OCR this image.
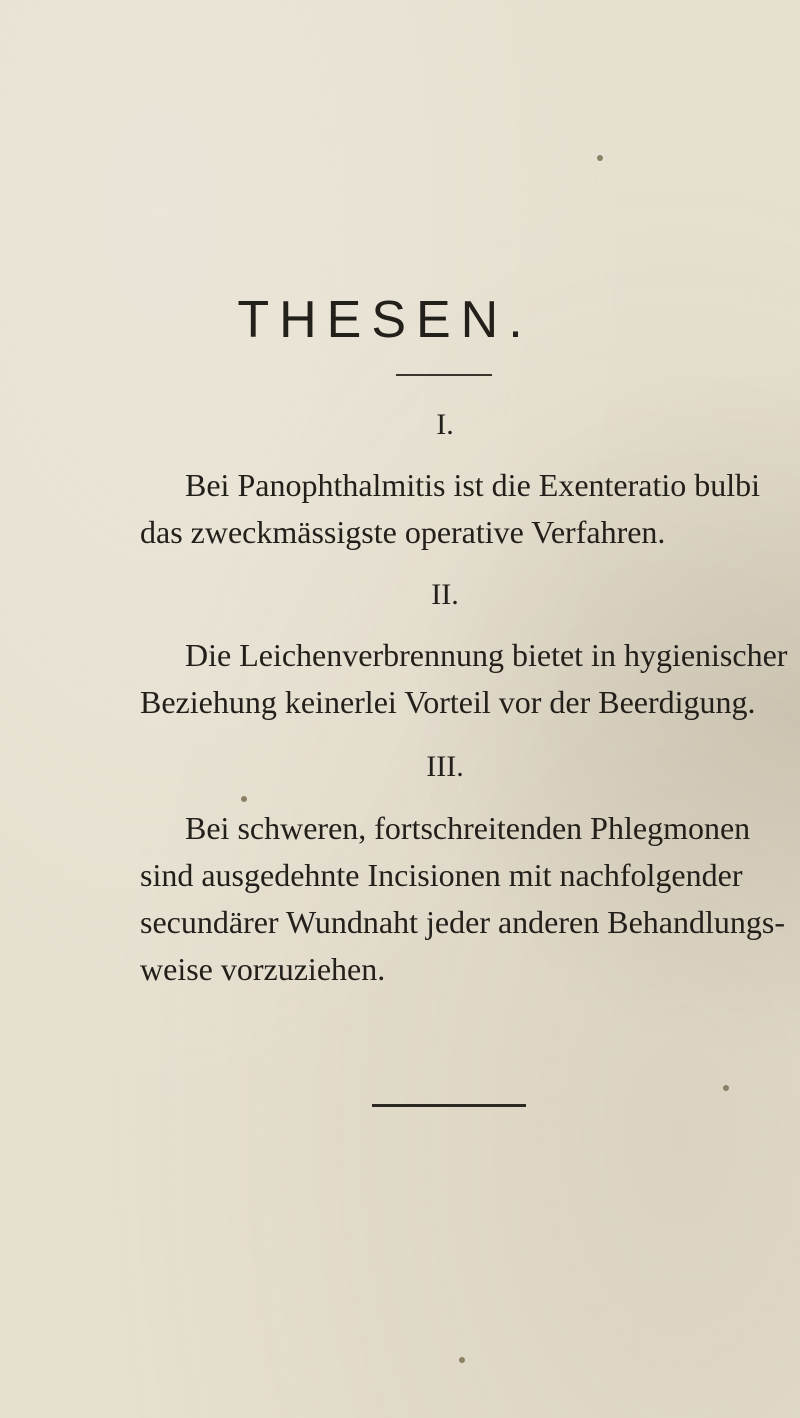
THESEN.
I.

Bei Panophthalmitis ist die Exenteratio bulbi
das zweckmässigste operative Verfahren.

II.

Die Leichenverbrennung bietet in hygienischer
Beziehung keinerlei Vorteil vor der Beerdigung.

III.

Bei schweren, fortschreitenden Phlegmonen
sind ausgedehnte Incisionen mit nachfolgender
secundärer Wundnaht jeder anderen Behandlungs-
weise vorzuziehen.
